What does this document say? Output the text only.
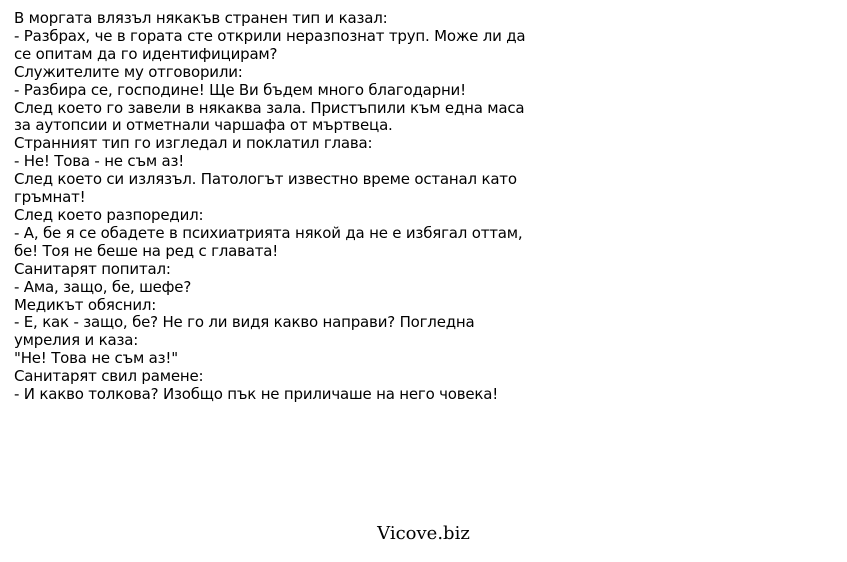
В моргата влязъл някакъв странен тип и казал:
- Разбрах, че в гората сте открили неразпознат труп. Може ли да
се опитам да го идентифицирам?
Служителите му отговорили:
- Разбира се, господине! Ще Ви бъдем много благодарни!
След което го завели в някаква зала. Пристъпили към една маса
за аутопсии и отметнали чаршафа от мъртвеца.
Странният тип го изгледал и поклатил глава:
- Не! Това - не съм аз!
След което си излязъл. Патологът известно време останал като
гръмнат!
След което разпоредил:
- А, бе я се обадете в психиатрията някой да не е избягал оттам,
бе! Тоя не беше на ред с главата!
Санитарят попитал:
- Ама, защо, бе, шефе?
Медикът обяснил:
- Е, как - защо, бе? Не го ли видя какво направи? Погледна
умрелия и каза:
"Не! Това не съм аз!"
Санитарят свил рамене:
- И какво толкова? Изобщо пък не приличаше на него човека!
Vicove.biz
